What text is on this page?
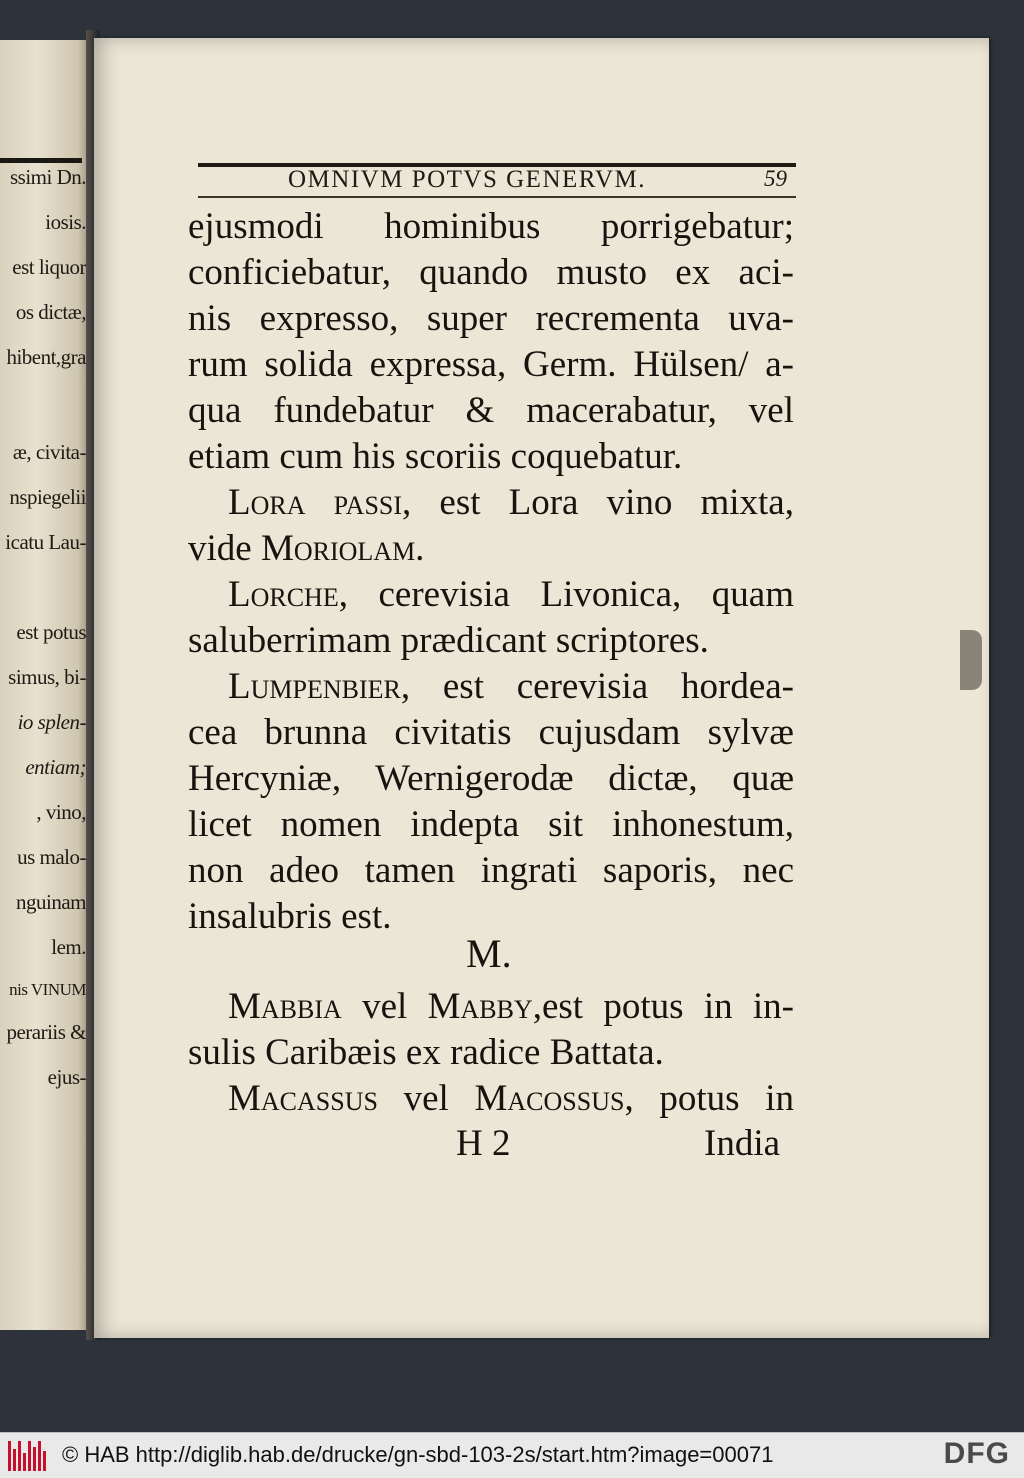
ssimi Dn.
iosis.
est liquor
os dictæ,
hibent,gra
æ, civita-
nspiegelii
icatu Lau-
est potus
simus, bi-
io splen-
entiam;
, vino,
us malo-
nguinam
lem.
nis VINUM
perariis &
ejus-
OMNIVM POTVS GENERVM.	59
ejusmodi hominibus porrigebatur;
conficiebatur, quando musto ex aci-
nis expresso, super recrementa uva-
rum solida expressa, Germ. Hülsen/ a-
qua fundebatur & macerabatur, vel
etiam cum his scoriis coquebatur.
Lora passi, est Lora vino mixta,
vide Moriolam.
Lorche, cerevisia Livonica, quam
saluberrimam prædicant scriptores.
Lumpenbier, est cerevisia hordea-
cea brunna civitatis cujusdam sylvæ
Hercyniæ, Wernigerodæ dictæ, quæ
licet nomen indepta sit inhonestum,
non adeo tamen ingrati saporis, nec
insalubris est.
M.
Mabbia vel Mabby,est potus in in-
sulis Caribæis ex radice Battata.
Macassus vel Macossus, potus in
H 2	India
© HAB http://diglib.hab.de/drucke/gn-sbd-103-2s/start.htm?image=00071	DFG
